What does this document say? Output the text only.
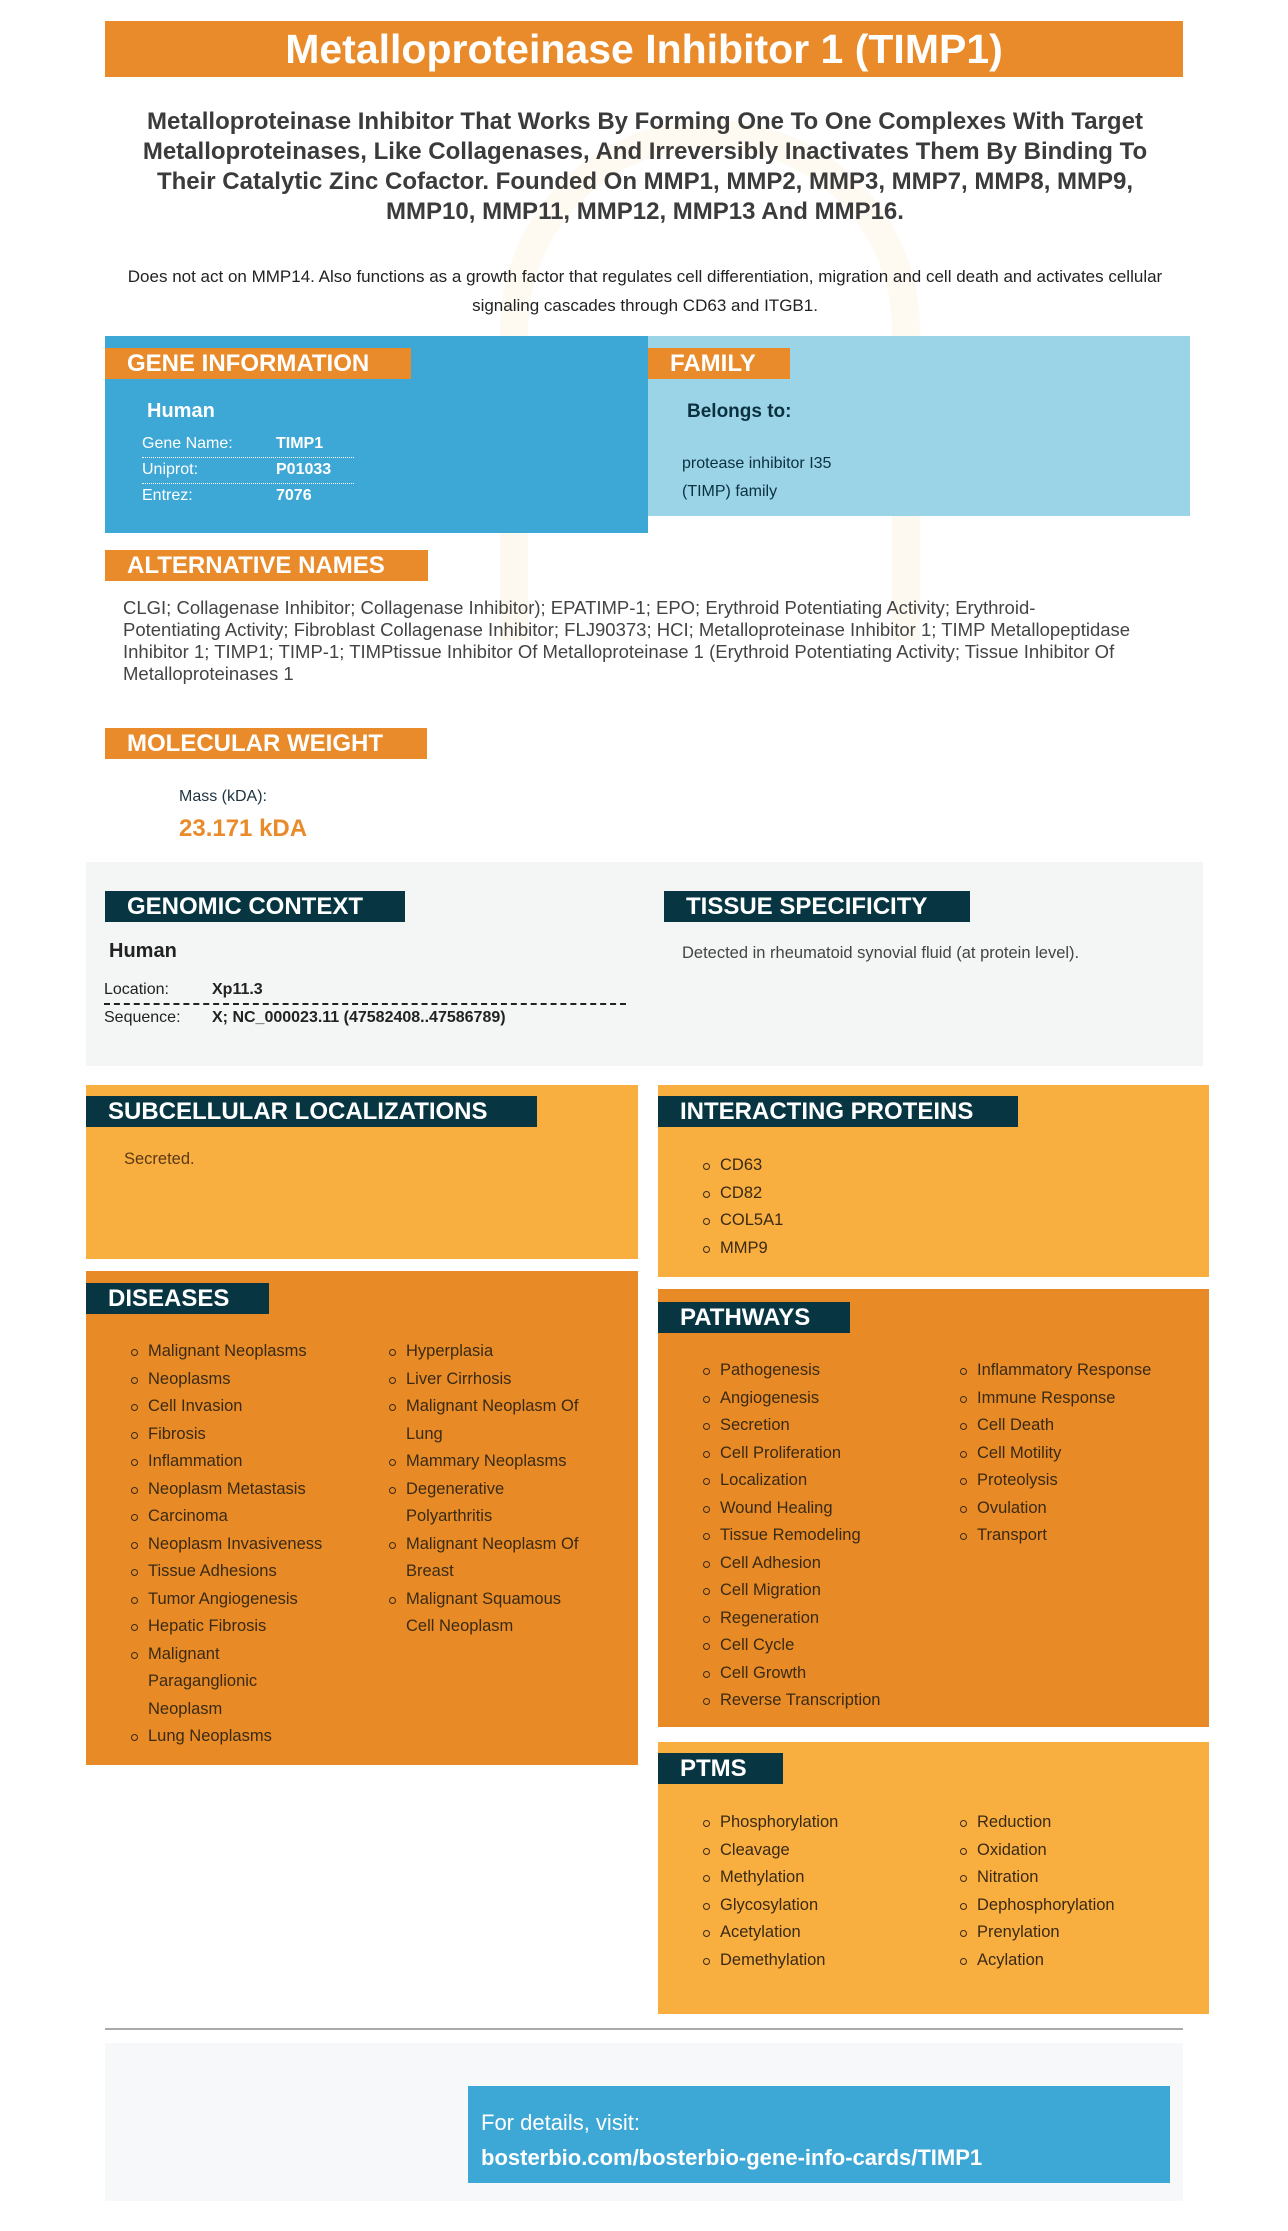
Metalloproteinase Inhibitor 1 (TIMP1)
Metalloproteinase Inhibitor That Works By Forming One To One Complexes With Target Metalloproteinases, Like Collagenases, And Irreversibly Inactivates Them By Binding To Their Catalytic Zinc Cofactor. Founded On MMP1, MMP2, MMP3, MMP7, MMP8, MMP9, MMP10, MMP11, MMP12, MMP13 And MMP16.
Does not act on MMP14. Also functions as a growth factor that regulates cell differentiation, migration and cell death and activates cellular signaling cascades through CD63 and ITGB1.
GENE INFORMATION
Human
Gene Name:	TIMP1
Uniprot:	P01033
Entrez:	7076
FAMILY
Belongs to:
protease inhibitor I35 (TIMP) family
ALTERNATIVE NAMES
CLGI; Collagenase Inhibitor; Collagenase Inhibitor); EPATIMP-1; EPO; Erythroid Potentiating Activity; Erythroid-Potentiating Activity; Fibroblast Collagenase Inhibitor; FLJ90373; HCI; Metalloproteinase Inhibitor 1; TIMP Metallopeptidase Inhibitor 1; TIMP1; TIMP-1; TIMPtissue Inhibitor Of Metalloproteinase 1 (Erythroid Potentiating Activity; Tissue Inhibitor Of Metalloproteinases 1
MOLECULAR WEIGHT
Mass (kDA):
23.171 kDA
GENOMIC CONTEXT
Human
Location:	Xp11.3
Sequence:	X; NC_000023.11 (47582408..47586789)
TISSUE SPECIFICITY
Detected in rheumatoid synovial fluid (at protein level).
SUBCELLULAR LOCALIZATIONS
Secreted.
INTERACTING PROTEINS
CD63
CD82
COL5A1
MMP9
DISEASES
Malignant Neoplasms
Neoplasms
Cell Invasion
Fibrosis
Inflammation
Neoplasm Metastasis
Carcinoma
Neoplasm Invasiveness
Tissue Adhesions
Tumor Angiogenesis
Hepatic Fibrosis
Malignant Paraganglionic Neoplasm
Lung Neoplasms
Hyperplasia
Liver Cirrhosis
Malignant Neoplasm Of Lung
Mammary Neoplasms
Degenerative Polyarthritis
Malignant Neoplasm Of Breast
Malignant Squamous Cell Neoplasm
PATHWAYS
Pathogenesis
Angiogenesis
Secretion
Cell Proliferation
Localization
Wound Healing
Tissue Remodeling
Cell Adhesion
Cell Migration
Regeneration
Cell Cycle
Cell Growth
Reverse Transcription
Inflammatory Response
Immune Response
Cell Death
Cell Motility
Proteolysis
Ovulation
Transport
PTMS
Phosphorylation
Cleavage
Methylation
Glycosylation
Acetylation
Demethylation
Reduction
Oxidation
Nitration
Dephosphorylation
Prenylation
Acylation
For details, visit:
bosterbio.com/bosterbio-gene-info-cards/TIMP1
